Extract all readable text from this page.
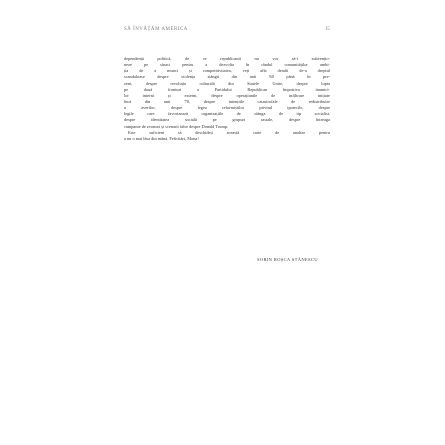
SĂ ÎNVĂȚĂM AMERICA	15
dependență politică, de ce republicanii nu vor să-i subvențio-
neze pe săraci pentru a dezvolta în rândul comunităților ambi-
ția de a munci și competitivitatea, veți afla detalii de-a dreptul
scandaloase despre violența stângii din anii '60 până în pre-
zent, despre revoluția culturală din Statele Unite, despre lupta
pe două fronturi a Partidului Republican împotriva inamici-
lor interni și externi, despre operațiunile de infiltrare inițiate
încă din anii '70, despre intențiile catastrofale de redistribuire
a averilor, despre legea reformiștilor privind ipotecile, despre
legile care favorizează organizațiile de stânga de tip socialist,
despre identitatea socială pe grupuri rasiale, despre întreaga
campanie de zvonuri și scenarii false despre Donald Trump.
Este suficient să deschideți această carte de analize pentru
a nu o mai lăsa din mână. Felicitări, Mona!
SORIN ROȘCA STĂNESCU
